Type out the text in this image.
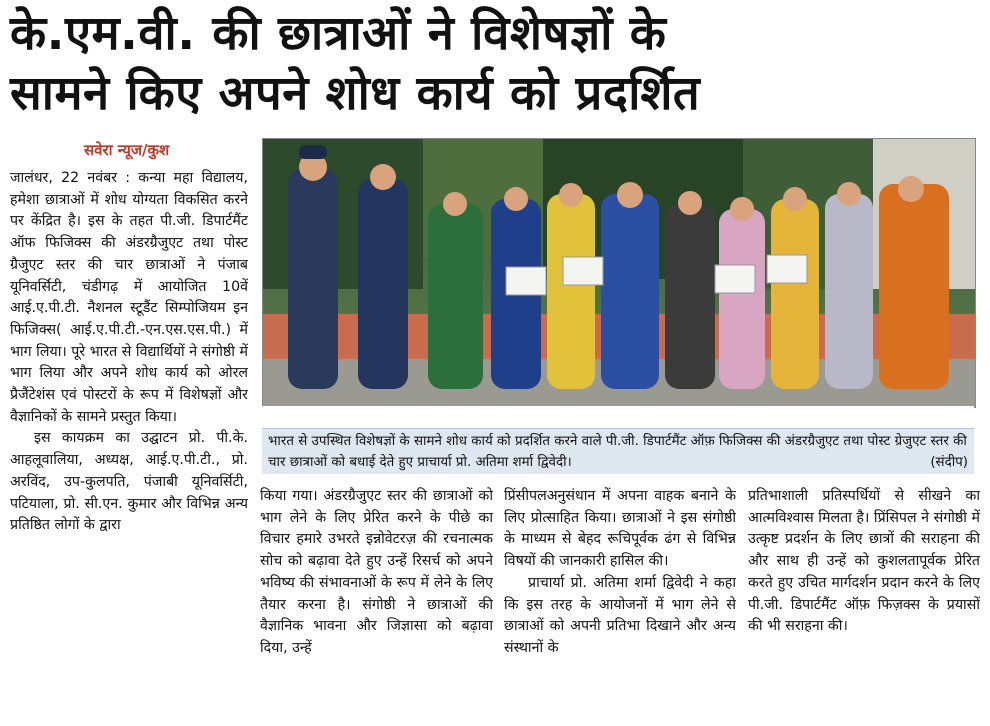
के.एम.वी. की छात्राओं ने विशेषज्ञों के
सामने किए अपने शोध कार्य को प्रदर्शित
सवेरा न्यूज/कुश

जालंधर, 22 नवंबर : कन्या महा विद्यालय, हमेशा छात्राओं में शोध योग्यता विकसित करने पर केंद्रित है। इस के तहत पी.जी. डिपार्टमैंट ऑफ फिजिक्स की अंडरग्रैजुएट तथा पोस्ट ग्रैजुएट स्तर की चार छात्राओं ने पंजाब यूनिवर्सिटी, चंडीगढ़ में आयोजित 10वें आई.ए.पी.टी. नैशनल स्टूडैंट सिम्पोजियम इन फिजिक्स( आई.ए.पी.टी.-एन.एस.एस.पी.) में भाग लिया। पूरे भारत से विद्यार्थियों ने संगोष्ठी में भाग लिया और अपने शोध कार्य को ओरल प्रैजैंटेशंस एवं पोस्टरों के रूप में विशेषज्ञों और वैज्ञानिकों के सामने प्रस्तुत किया।

इस कायक्रम का उद्घाटन प्रो. पी.के. आहलूवालिया, अध्यक्ष, आई.ए.पी.टी., प्रो. अरविंद, उप-कुलपति, पंजाबी यूनिवर्सिटी, पटियाला, प्रो. सी.एन. कुमार और विभिन्न अन्य प्रतिष्ठित लोगों के द्वारा

भारत से उपस्थित विशेषज्ञों के सामने शोध कार्य को प्रदर्शित करने वाले पी.जी. डिपार्टमैंट ऑफ़ फिजिक्स की अंडरग्रैजुएट तथा पोस्ट ग्रेजुएट स्तर की चार छात्राओं को बधाई देते हुए प्राचार्या प्रो. अतिमा शर्मा द्विवेदी।	(संदीप)

किया गया। अंडरग्रैजुएट स्तर की छात्राओं को भाग लेने के लिए प्रेरित करने के पीछे का विचार हमारे उभरते इन्नोवेटरज़ की रचनात्मक सोच को बढ़ावा देते हुए उन्हें रिसर्च को अपने भविष्य की संभावनाओं के रूप में लेने के लिए तैयार करना है। संगोष्ठी ने छात्राओं की वैज्ञानिक भावना और जिज्ञासा को बढ़ावा दिया, उन्हें

प्रिंसीपलअनुसंधान में अपना वाहक बनाने के लिए प्रोत्साहित किया। छात्राओं ने इस संगोष्ठी के माध्यम से बेहद रूचिपूर्वक ढंग से विभिन्न विषयों की जानकारी हासिल की।

प्राचार्या प्रो. अतिमा शर्मा द्विवेदी ने कहा कि इस तरह के आयोजनों में भाग लेने से छात्राओं को अपनी प्रतिभा दिखाने और अन्य संस्थानों के

प्रतिभाशाली प्रतिस्पर्धियों से सीखने का आत्मविश्वास मिलता है। प्रिंसिपल ने संगोष्ठी में उत्कृष्ट प्रदर्शन के लिए छात्रों की सराहना की और साथ ही उन्हें को कुशलतापूर्वक प्रेरित करते हुए उचित मार्गदर्शन प्रदान करने के लिए पी.जी. डिपार्टमैंट ऑफ़ फिज़क्स के प्रयासों की भी सराहना की।
